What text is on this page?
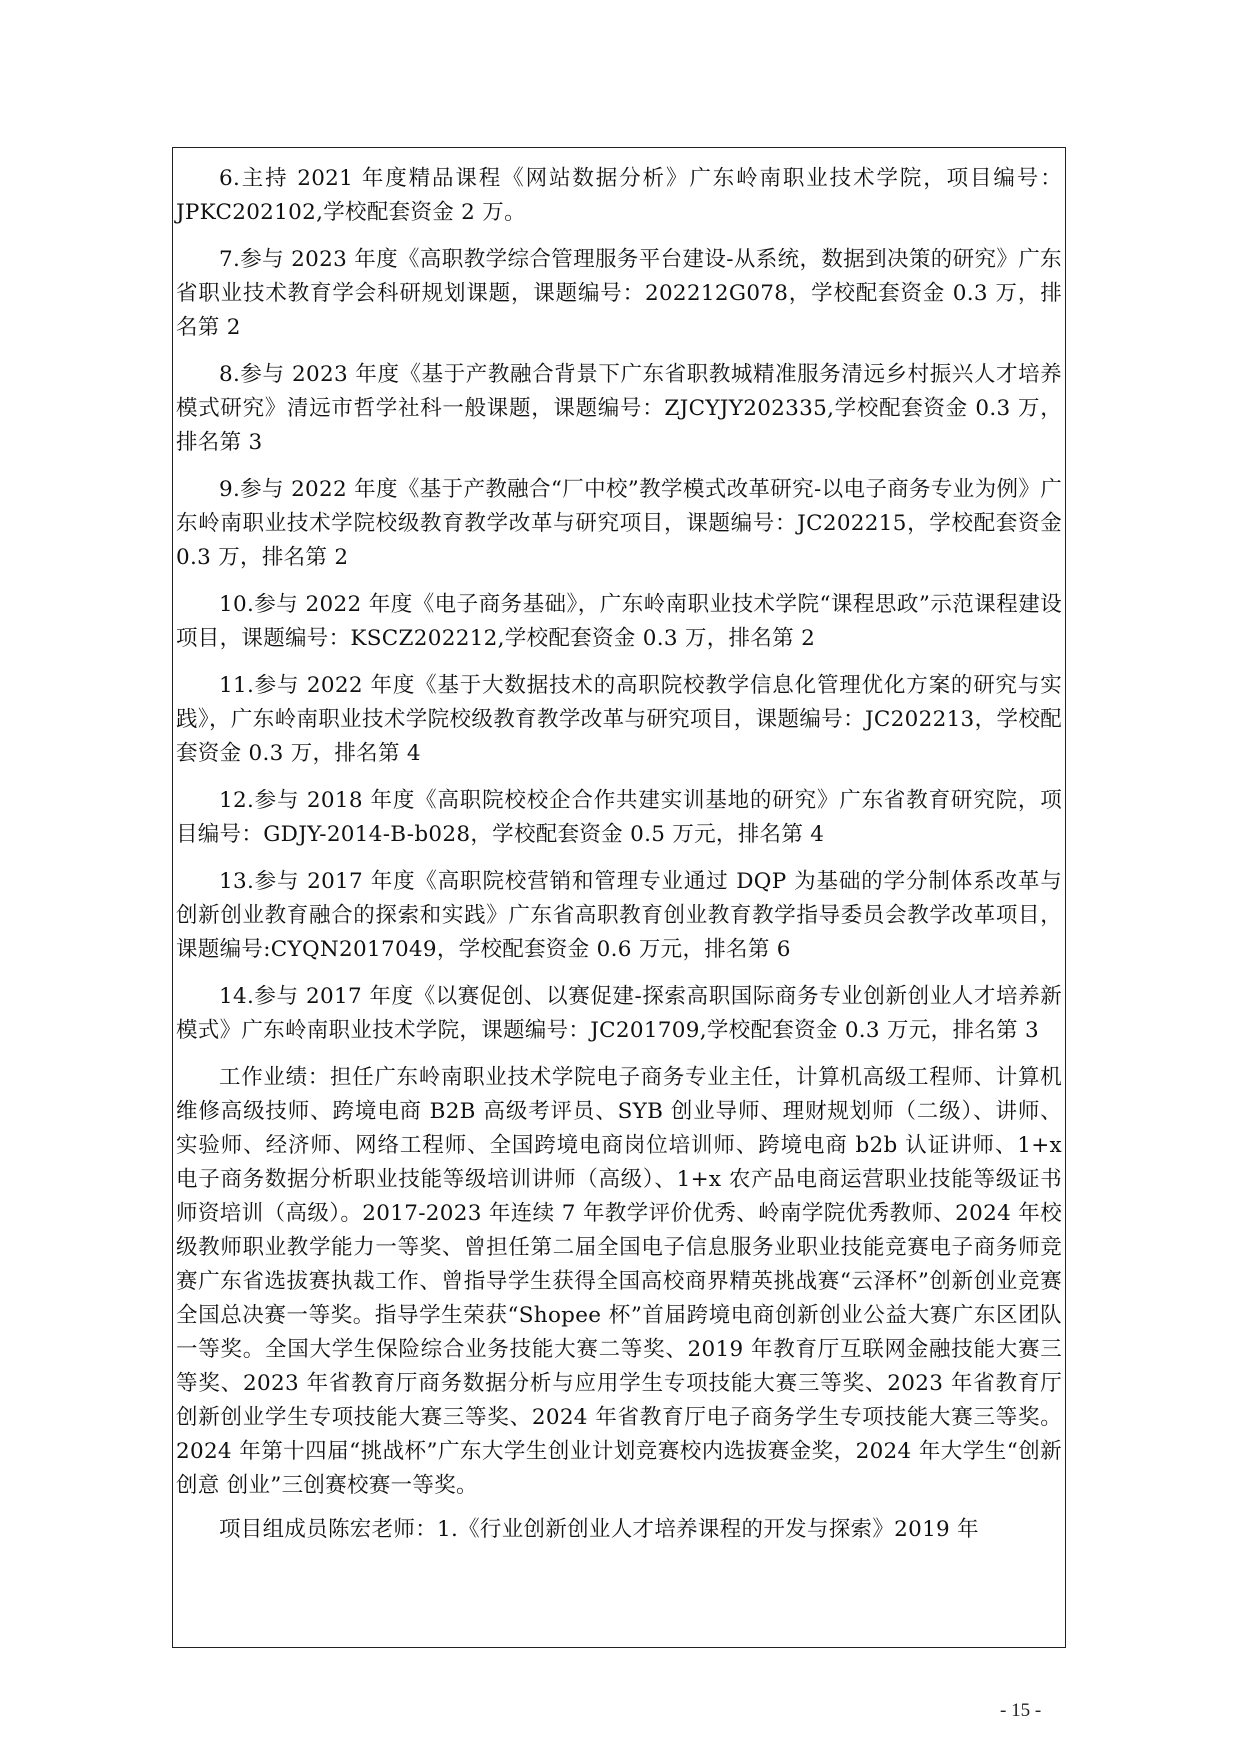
6.主持 2021 年度精品课程《网站数据分析》广东岭南职业技术学院，项目编号：JPKC202102,学校配套资金 2 万。

7.参与 2023 年度《高职教学综合管理服务平台建设-从系统，数据到决策的研究》广东省职业技术教育学会科研规划课题，课题编号：202212G078，学校配套资金 0.3 万，排名第 2

8.参与 2023 年度《基于产教融合背景下广东省职教城精准服务清远乡村振兴人才培养模式研究》清远市哲学社科一般课题，课题编号：ZJCYJY202335,学校配套资金 0.3 万，排名第 3

9.参与 2022 年度《基于产教融合“厂中校”教学模式改革研究-以电子商务专业为例》广东岭南职业技术学院校级教育教学改革与研究项目，课题编号：JC202215，学校配套资金 0.3 万，排名第 2

10.参与 2022 年度《电子商务基础》，广东岭南职业技术学院“课程思政”示范课程建设项目，课题编号：KSCZ202212,学校配套资金 0.3 万，排名第 2

11.参与 2022 年度《基于大数据技术的高职院校教学信息化管理优化方案的研究与实践》，广东岭南职业技术学院校级教育教学改革与研究项目，课题编号：JC202213，学校配套资金 0.3 万，排名第 4

12.参与 2018 年度《高职院校校企合作共建实训基地的研究》广东省教育研究院，项目编号：GDJY-2014-B-b028，学校配套资金 0.5 万元，排名第 4

13.参与 2017 年度《高职院校营销和管理专业通过 DQP 为基础的学分制体系改革与创新创业教育融合的探索和实践》广东省高职教育创业教育教学指导委员会教学改革项目，课题编号:CYQN2017049，学校配套资金 0.6 万元，排名第 6

14.参与 2017 年度《以赛促创、以赛促建-探索高职国际商务专业创新创业人才培养新模式》广东岭南职业技术学院，课题编号：JC201709,学校配套资金 0.3 万元，排名第 3

工作业绩：担任广东岭南职业技术学院电子商务专业主任，计算机高级工程师、计算机维修高级技师、跨境电商 B2B 高级考评员、SYB 创业导师、理财规划师（二级）、讲师、实验师、经济师、网络工程师、全国跨境电商岗位培训师、跨境电商 b2b 认证讲师、1+x 电子商务数据分析职业技能等级培训讲师（高级）、1+x 农产品电商运营职业技能等级证书师资培训（高级）。2017-2023 年连续 7 年教学评价优秀、岭南学院优秀教师、2024 年校级教师职业教学能力一等奖、曾担任第二届全国电子信息服务业职业技能竞赛电子商务师竞赛广东省选拔赛执裁工作、曾指导学生获得全国高校商界精英挑战赛“云泽杯”创新创业竞赛全国总决赛一等奖。指导学生荣获“Shopee 杯”首届跨境电商创新创业公益大赛广东区团队一等奖。全国大学生保险综合业务技能大赛二等奖、2019 年教育厅互联网金融技能大赛三等奖、2023 年省教育厅商务数据分析与应用学生专项技能大赛三等奖、2023 年省教育厅创新创业学生专项技能大赛三等奖、2024 年省教育厅电子商务学生专项技能大赛三等奖。2024 年第十四届“挑战杯”广东大学生创业计划竞赛校内选拔赛金奖，2024 年大学生“创新 创意 创业”三创赛校赛一等奖。

项目组成员陈宏老师：1.《行业创新创业人才培养课程的开发与探索》2019 年

- 15 -
